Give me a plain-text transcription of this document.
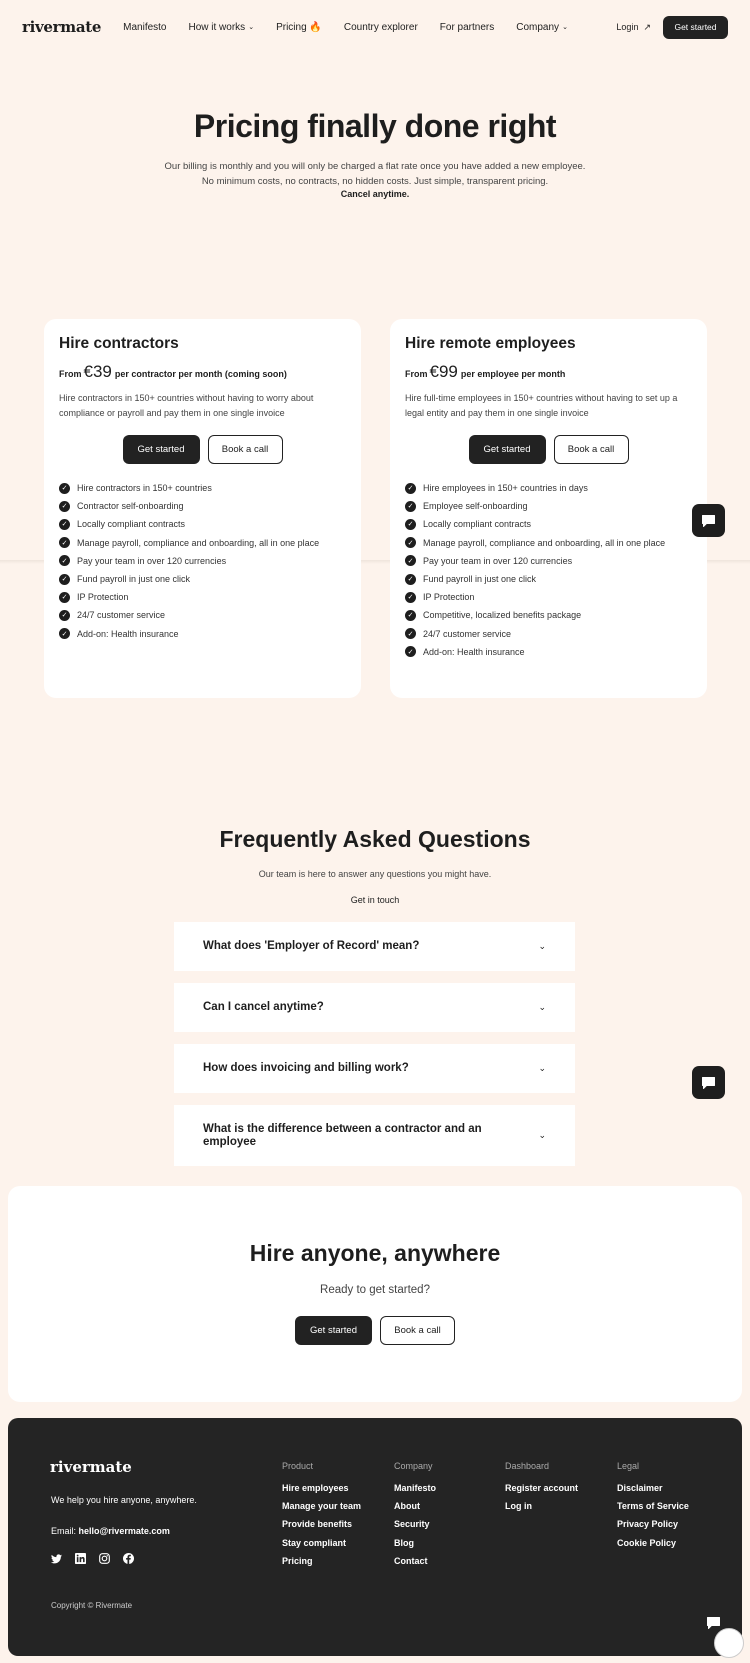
rivermate Manifesto How it works ⌄ Pricing 🔥 Country explorer For partners Company ⌄	Login ↗	Get started
Pricing finally done right
Our billing is monthly and you will only be charged a flat rate once you have added a new employee.
No minimum costs, no contracts, no hidden costs. Just simple, transparent pricing.
Cancel anytime.
Hire contractors
From €39 per contractor per month (coming soon)
Hire contractors in 150+ countries without having to worry about compliance or payroll and pay them in one single invoice
Get started	Book a call
✓ Hire contractors in 150+ countries
✓ Contractor self-onboarding
✓ Locally compliant contracts
✓ Manage payroll, compliance and onboarding, all in one place
✓ Pay your team in over 120 currencies
✓ Fund payroll in just one click
✓ IP Protection
✓ 24/7 customer service
✓ Add-on: Health insurance
Hire remote employees
From €99 per employee per month
Hire full-time employees in 150+ countries without having to set up a legal entity and pay them in one single invoice
Get started	Book a call
✓ Hire employees in 150+ countries in days
✓ Employee self-onboarding
✓ Locally compliant contracts
✓ Manage payroll, compliance and onboarding, all in one place
✓ Pay your team in over 120 currencies
✓ Fund payroll in just one click
✓ IP Protection
✓ Competitive, localized benefits package
✓ 24/7 customer service
✓ Add-on: Health insurance
Frequently Asked Questions
Our team is here to answer any questions you might have.
Get in touch
What does 'Employer of Record' mean?	⌄
Can I cancel anytime?	⌄
How does invoicing and billing work?	⌄
What is the difference between a contractor and an employee
⌄
Hire anyone, anywhere
Ready to get started?
Get started	Book a call
rivermate
We help you hire anyone, anywhere.
Email: hello@rivermate.com
Copyright © Rivermate
Product
Hire employees
Manage your team
Provide benefits
Stay compliant
Pricing
Company
Manifesto
About
Security
Blog
Contact
Dashboard
Register account
Log in
Legal
Disclaimer
Terms of Service
Privacy Policy
Cookie Policy
